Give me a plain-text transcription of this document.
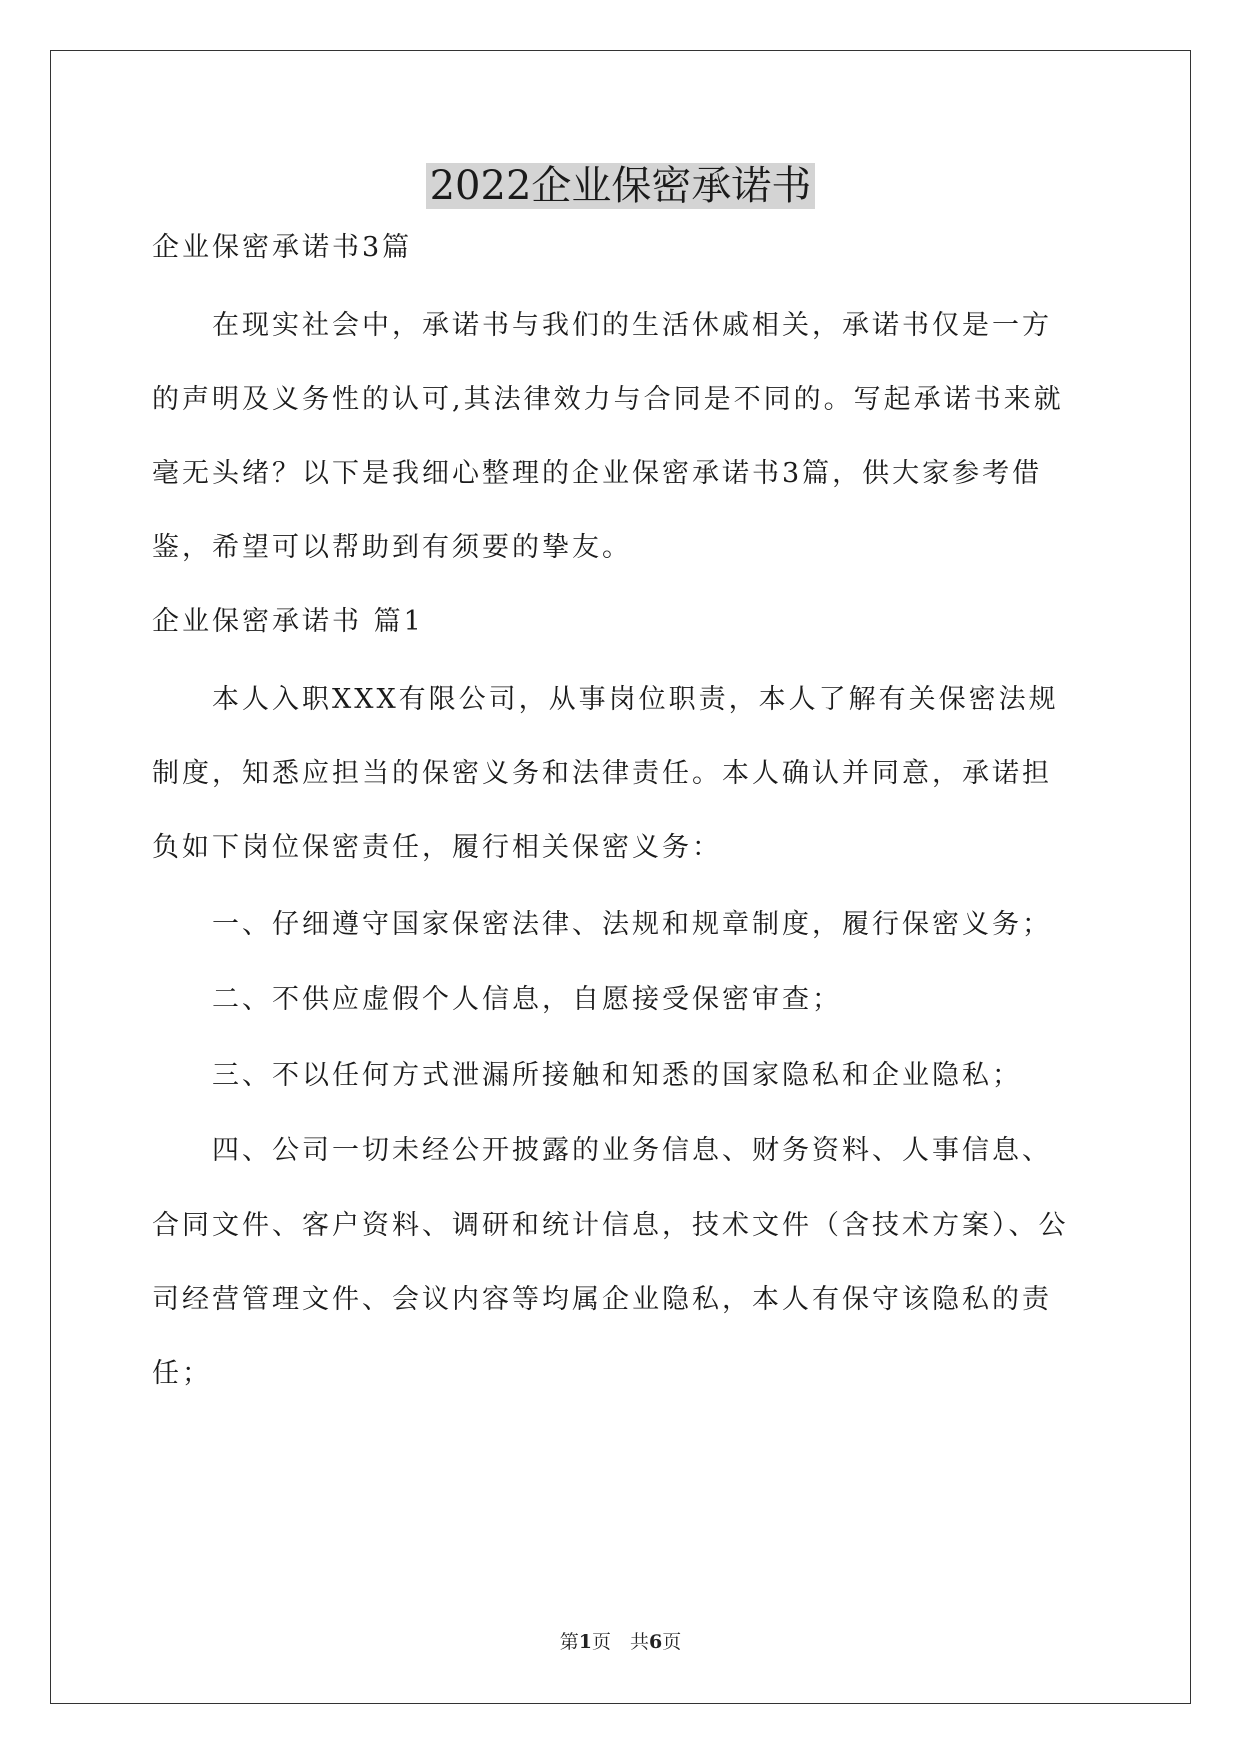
2022企业保密承诺书
企业保密承诺书3篇
　　在现实社会中，承诺书与我们的生活休戚相关，承诺书仅是一方
的声明及义务性的认可,其法律效力与合同是不同的。写起承诺书来就
毫无头绪？以下是我细心整理的企业保密承诺书3篇，供大家参考借
鉴，希望可以帮助到有须要的挚友。
企业保密承诺书 篇1
　　本人入职XXX有限公司，从事岗位职责，本人了解有关保密法规
制度，知悉应担当的保密义务和法律责任。本人确认并同意，承诺担
负如下岗位保密责任，履行相关保密义务：
　　一、仔细遵守国家保密法律、法规和规章制度，履行保密义务；
　　二、不供应虚假个人信息，自愿接受保密审查；
　　三、不以任何方式泄漏所接触和知悉的国家隐私和企业隐私；
　　四、公司一切未经公开披露的业务信息、财务资料、人事信息、
合同文件、客户资料、调研和统计信息，技术文件（含技术方案）、公
司经营管理文件、会议内容等均属企业隐私，本人有保守该隐私的责
任；
第1页　共6页
